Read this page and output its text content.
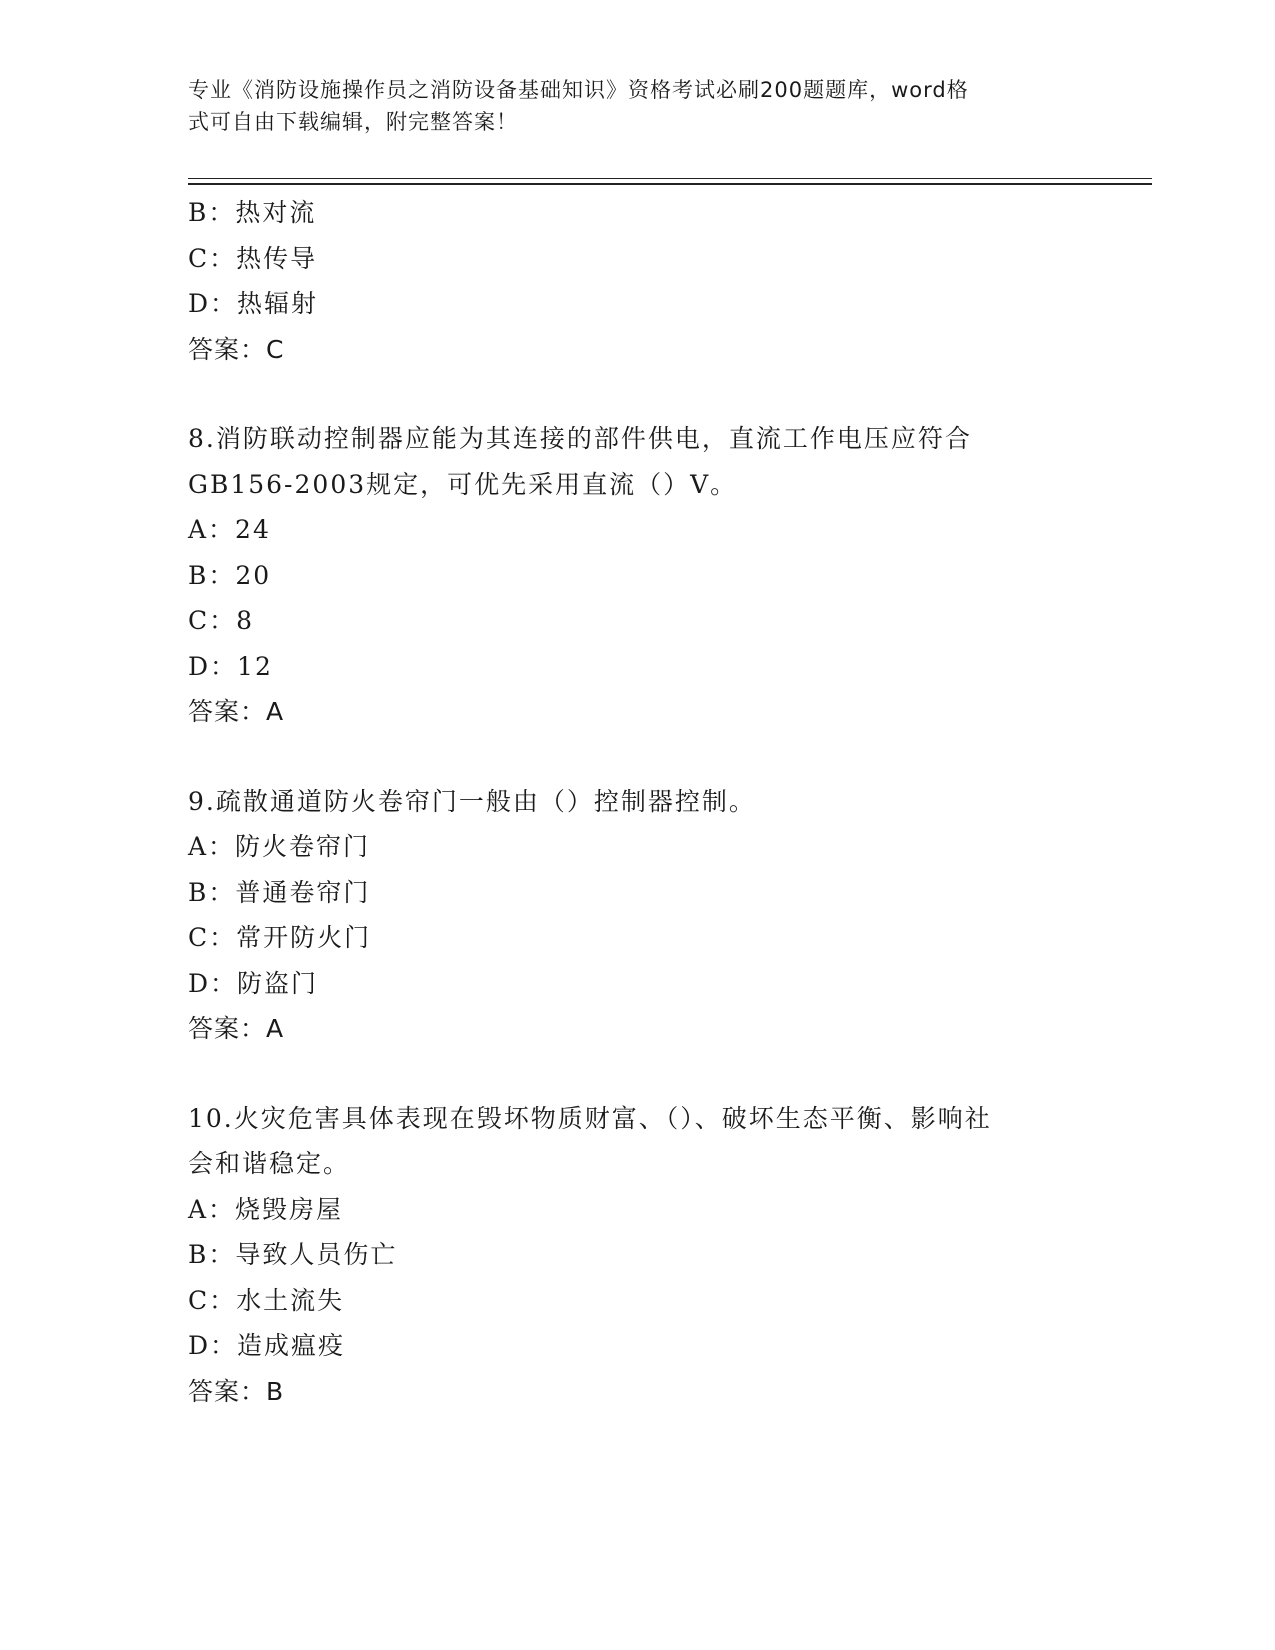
专业《消防设施操作员之消防设备基础知识》资格考试必刷200题题库，word格
式可自由下载编辑，附完整答案！
B：热对流
C：热传导
D：热辐射
答案：C
8.消防联动控制器应能为其连接的部件供电，直流工作电压应符合
GB156-2003规定，可优先采用直流（）V。
A：24
B：20
C：8
D：12
答案：A
9.疏散通道防火卷帘门一般由（）控制器控制。
A：防火卷帘门
B：普通卷帘门
C：常开防火门
D：防盗门
答案：A
10.火灾危害具体表现在毁坏物质财富、（）、破坏生态平衡、影响社
会和谐稳定。
A：烧毁房屋
B：导致人员伤亡
C：水土流失
D：造成瘟疫
答案：B
